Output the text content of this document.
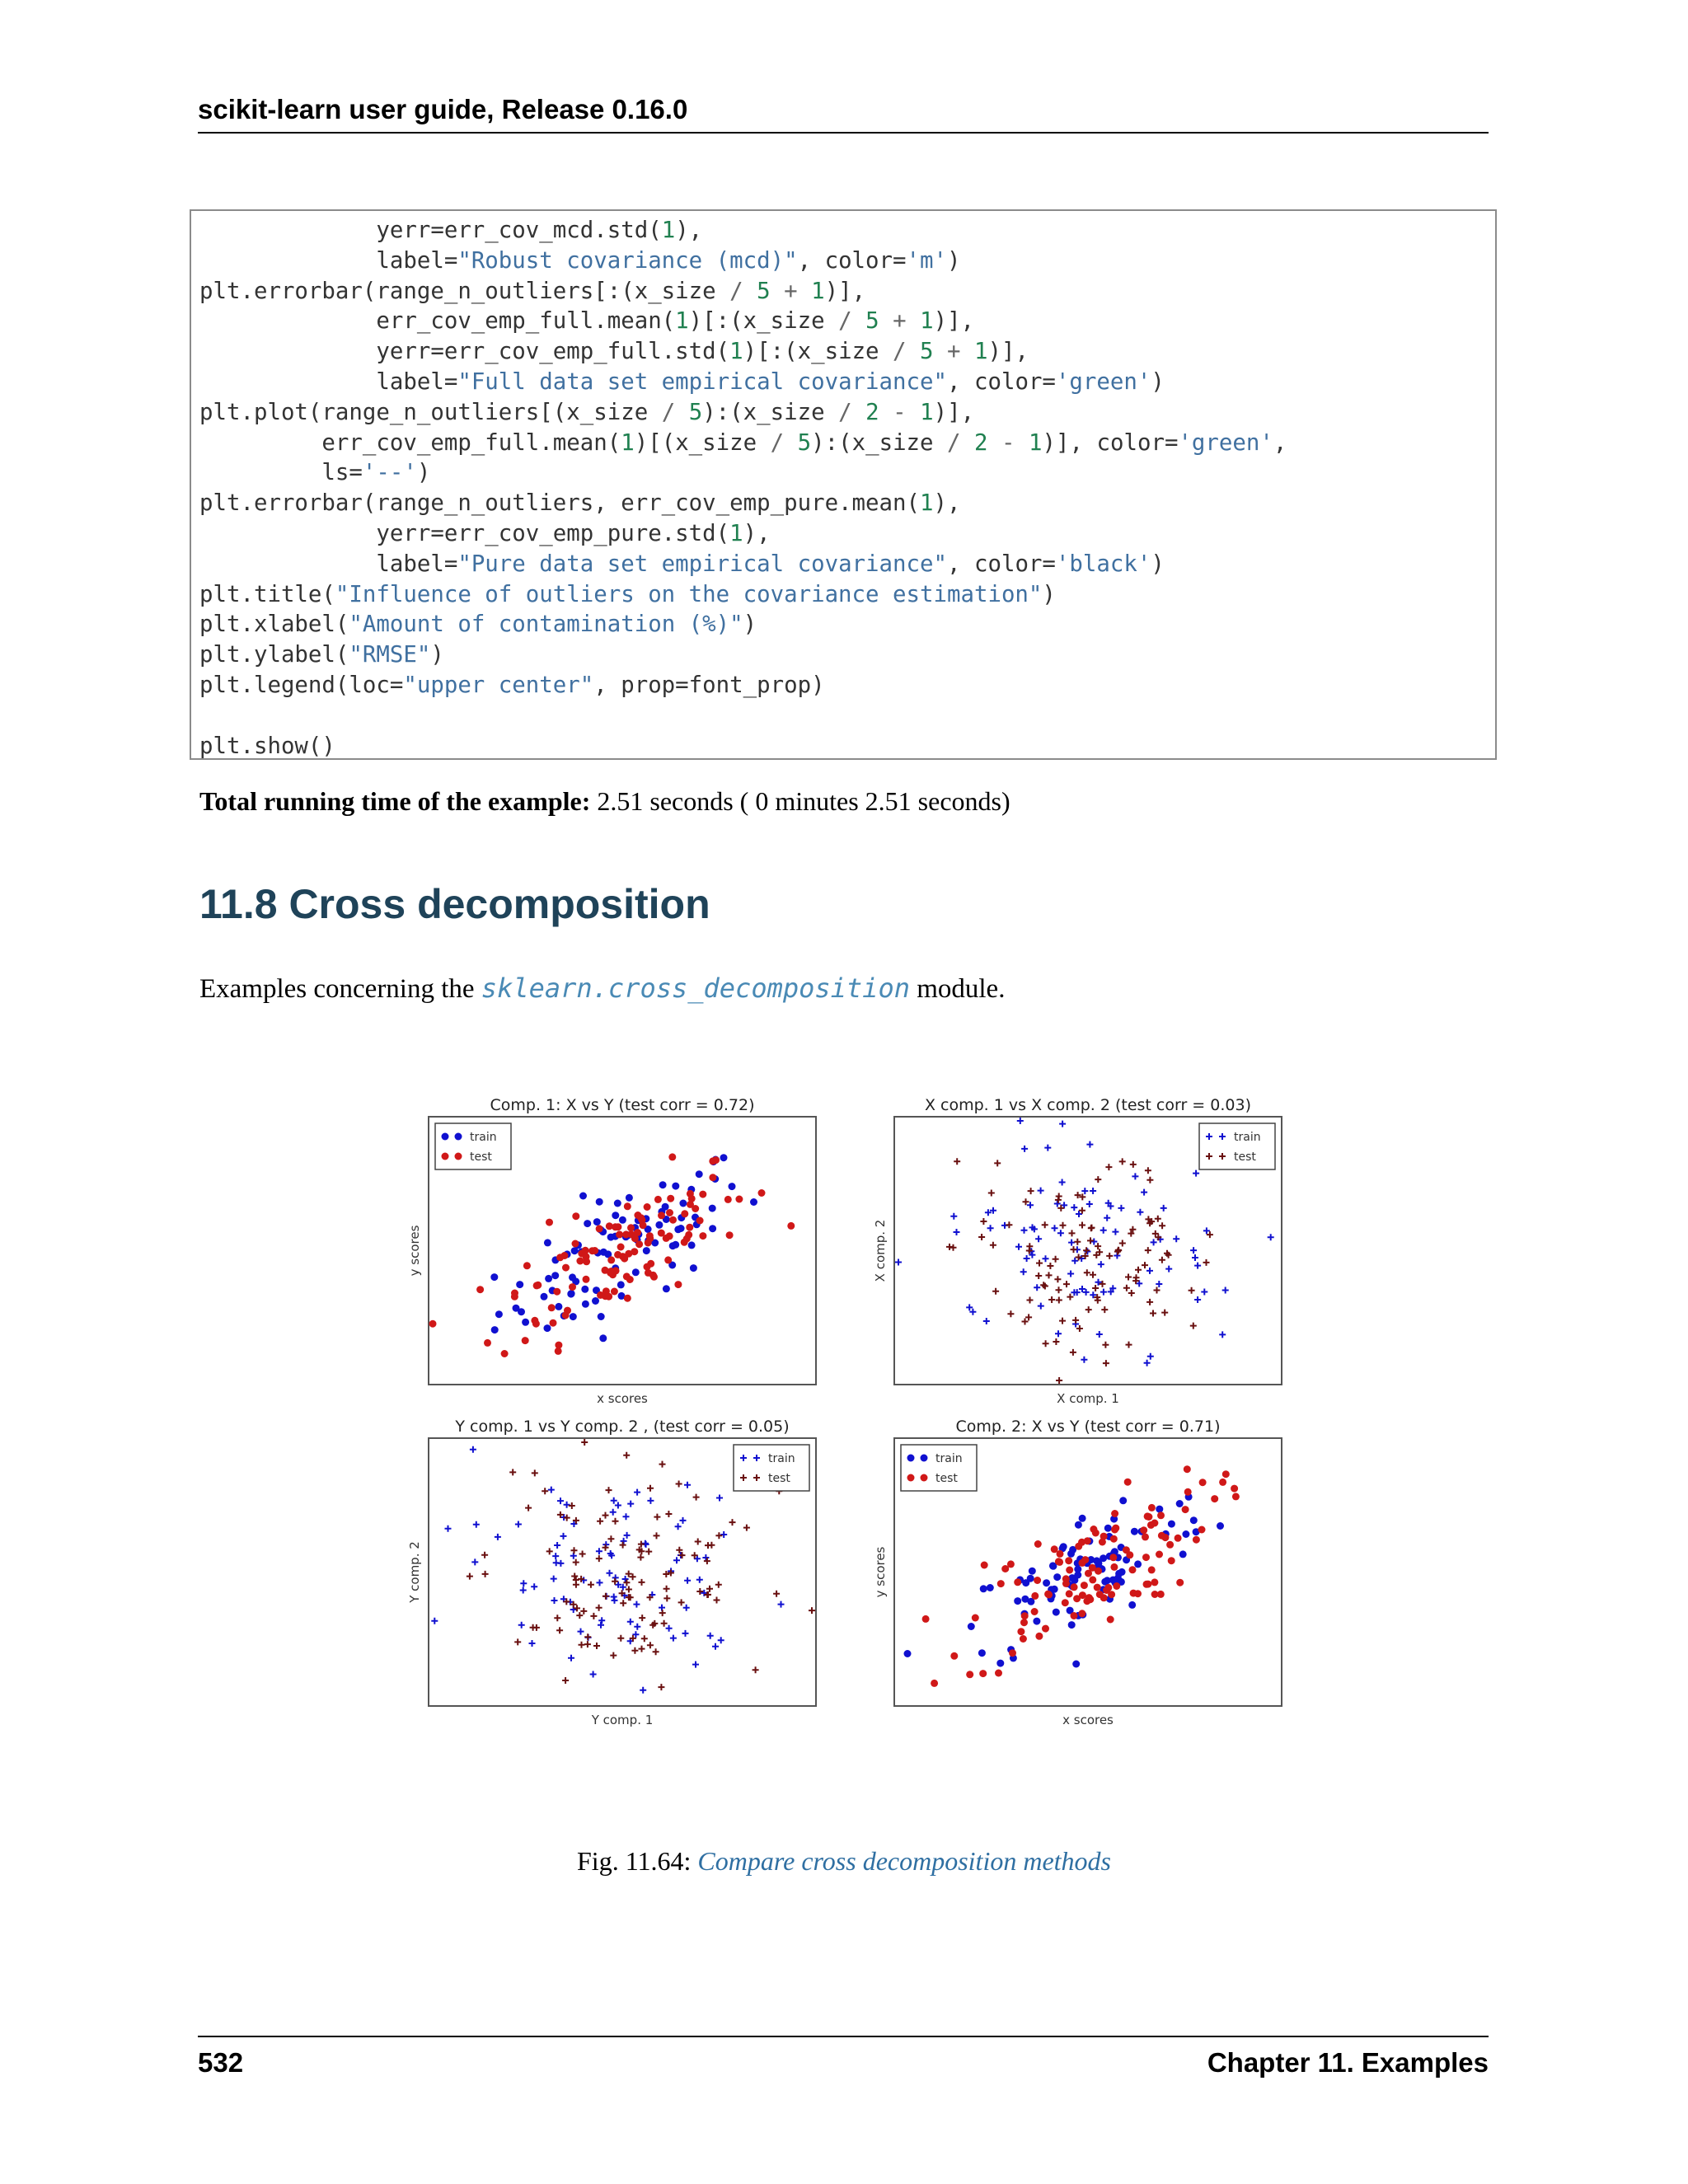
scikit-learn user guide, Release 0.16.0
yerr=err_cov_mcd.std(1),
label="Robust covariance (mcd)", color='m')
plt.errorbar(range_n_outliers[:(x_size / 5 + 1)],
err_cov_emp_full.mean(1)[:(x_size / 5 + 1)],
yerr=err_cov_emp_full.std(1)[:(x_size / 5 + 1)],
label="Full data set empirical covariance", color='green')
plt.plot(range_n_outliers[(x_size / 5):(x_size / 2 - 1)],
err_cov_emp_full.mean(1)[(x_size / 5):(x_size / 2 - 1)], color='green',
ls='--')
plt.errorbar(range_n_outliers, err_cov_emp_pure.mean(1),
yerr=err_cov_emp_pure.std(1),
label="Pure data set empirical covariance", color='black')
plt.title("Influence of outliers on the covariance estimation")
plt.xlabel("Amount of contamination (%)")
plt.ylabel("RMSE")
plt.legend(loc="upper center", prop=font_prop)

plt.show()
Total running time of the example: 2.51 seconds ( 0 minutes 2.51 seconds)
11.8 Cross decomposition
Examples concerning the sklearn.cross_decomposition module.
Comp. 1: X vs Y (test corr = 0.72)
x scores
y scores
train
test
X comp. 1 vs X comp. 2 (test corr = 0.03)
X comp. 1
X comp. 2
train
test
Y comp. 1 vs Y comp. 2 , (test corr = 0.05)
Y comp. 1
Y comp. 2
train
test
Comp. 2: X vs Y (test corr = 0.71)
x scores
y scores
train
test
Fig. 11.64: Compare cross decomposition methods
532	Chapter 11. Examples
